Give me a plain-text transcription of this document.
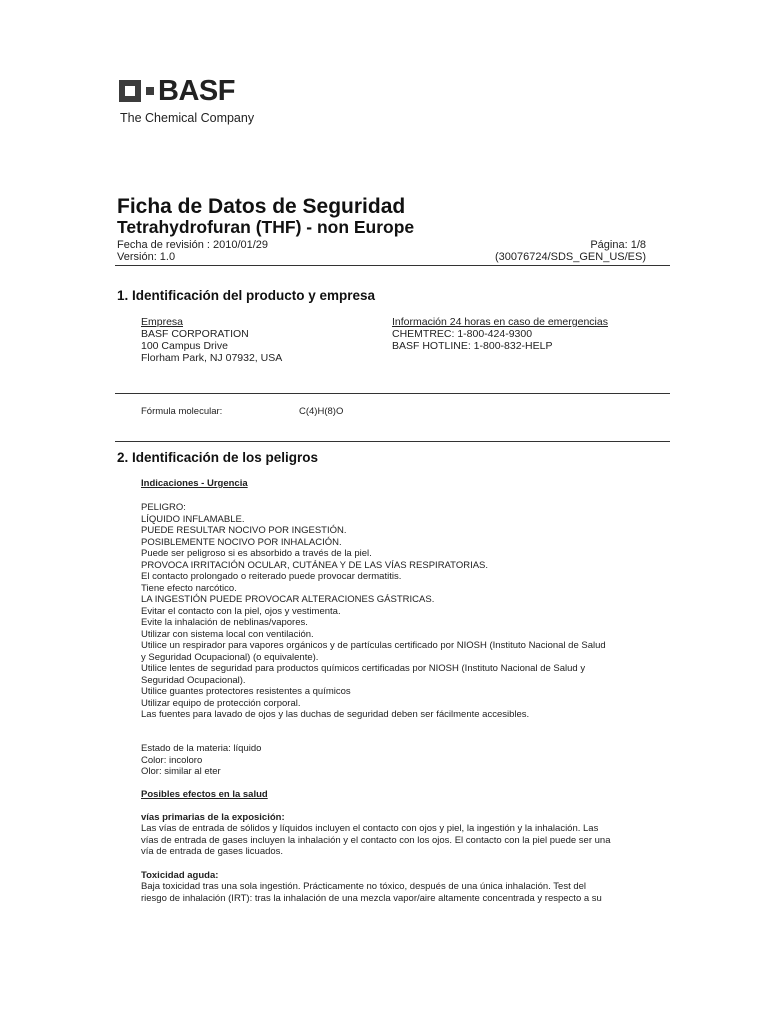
BASF
The Chemical Company
Ficha de Datos de Seguridad
Tetrahydrofuran (THF) - non Europe
Fecha de revisión : 2010/01/29	Página: 1/8
Versión: 1.0	(30076724/SDS_GEN_US/ES)
1. Identificación del producto y empresa
Empresa
BASF CORPORATION
100 Campus Drive
Florham Park, NJ 07932, USA
Información 24 horas en caso de emergencias
CHEMTREC: 1-800-424-9300
BASF HOTLINE: 1-800-832-HELP
Fórmula molecular:	C(4)H(8)O
2. Identificación de los peligros
Indicaciones - Urgencia
PELIGRO:
LÍQUIDO INFLAMABLE.
PUEDE RESULTAR NOCIVO POR INGESTIÓN.
POSIBLEMENTE NOCIVO POR INHALACIÓN.
Puede ser peligroso si es absorbido a través de la piel.
PROVOCA IRRITACIÓN OCULAR, CUTÁNEA Y DE LAS VÍAS RESPIRATORIAS.
El contacto prolongado o reiterado puede provocar dermatitis.
Tiene efecto narcótico.
LA INGESTIÓN PUEDE PROVOCAR ALTERACIONES GÁSTRICAS.
Evitar el contacto con la piel, ojos y vestimenta.
Evite la inhalación de neblinas/vapores.
Utilizar con sistema local con ventilación.
Utilice un respirador para vapores orgánicos y de partículas certificado por NIOSH (Instituto Nacional de Salud
y Seguridad Ocupacional) (o equivalente).
Utilice lentes de seguridad para productos químicos certificadas por NIOSH (Instituto Nacional de Salud y
Seguridad Ocupacional).
Utilice guantes protectores resistentes a químicos
Utilizar equipo de protección corporal.
Las fuentes para lavado de ojos y las duchas de seguridad deben ser fácilmente accesibles.
Estado de la materia: líquido
Color: incoloro
Olor: similar al eter
Posibles efectos en la salud
vías primarias de la exposición:
Las vías de entrada de sólidos y líquidos incluyen el contacto con ojos y piel, la ingestión y la inhalación. Las
vías de entrada de gases incluyen la inhalación y el contacto con los ojos. El contacto con la piel puede ser una
vía de entrada de gases licuados.
Toxicidad aguda:
Baja toxicidad tras una sola ingestión. Prácticamente no tóxico, después de una única inhalación. Test del
riesgo de inhalación (IRT): tras la inhalación de una mezcla vapor/aire altamente concentrada y respecto a su
